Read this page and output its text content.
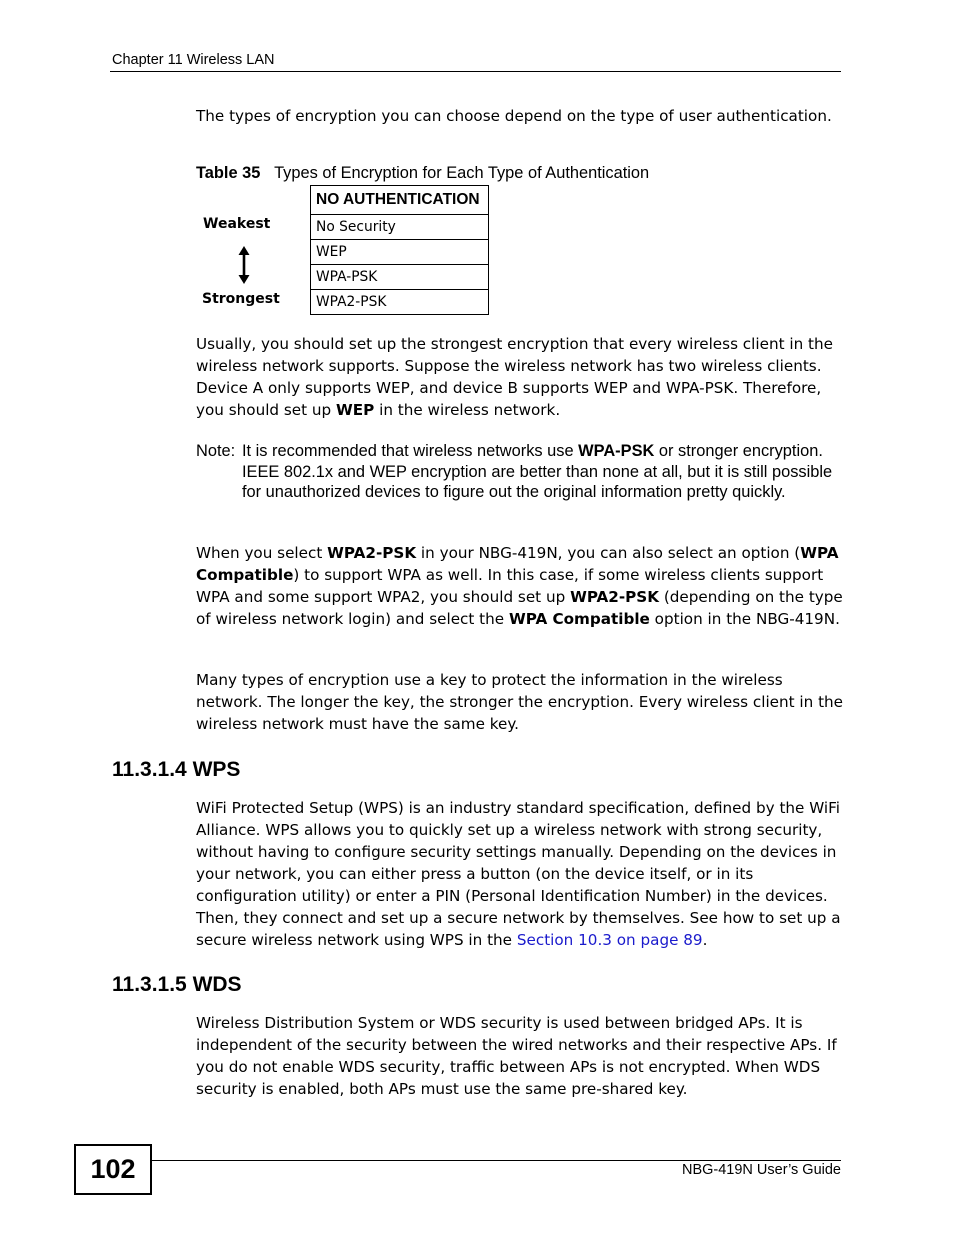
Chapter 11 Wireless LAN
The types of encryption you can choose depend on the type of user authentication.
Table 35 Types of Encryption for Each Type of Authentication
Weakest
Strongest
NO AUTHENTICATION
No Security
WEP
WPA-PSK
WPA2-PSK
Usually, you should set up the strongest encryption that every wireless client in the wireless network supports. Suppose the wireless network has two wireless clients. Device A only supports WEP, and device B supports WEP and WPA-PSK. Therefore, you should set up WEP in the wireless network.
Note: It is recommended that wireless networks use WPA-PSK or stronger encryption. IEEE 802.1x and WEP encryption are better than none at all, but it is still possible for unauthorized devices to figure out the original information pretty quickly.
When you select WPA2-PSK in your NBG-419N, you can also select an option (WPA Compatible) to support WPA as well. In this case, if some wireless clients support WPA and some support WPA2, you should set up WPA2-PSK (depending on the type of wireless network login) and select the WPA Compatible option in the NBG-419N.
Many types of encryption use a key to protect the information in the wireless network. The longer the key, the stronger the encryption. Every wireless client in the wireless network must have the same key.
11.3.1.4 WPS
WiFi Protected Setup (WPS) is an industry standard specification, defined by the WiFi Alliance. WPS allows you to quickly set up a wireless network with strong security, without having to configure security settings manually. Depending on the devices in your network, you can either press a button (on the device itself, or in its configuration utility) or enter a PIN (Personal Identification Number) in the devices. Then, they connect and set up a secure network by themselves. See how to set up a secure wireless network using WPS in the Section 10.3 on page 89.
11.3.1.5 WDS
Wireless Distribution System or WDS security is used between bridged APs. It is independent of the security between the wired networks and their respective APs. If you do not enable WDS security, traffic between APs is not encrypted. When WDS security is enabled, both APs must use the same pre-shared key.
102	NBG-419N User’s Guide
